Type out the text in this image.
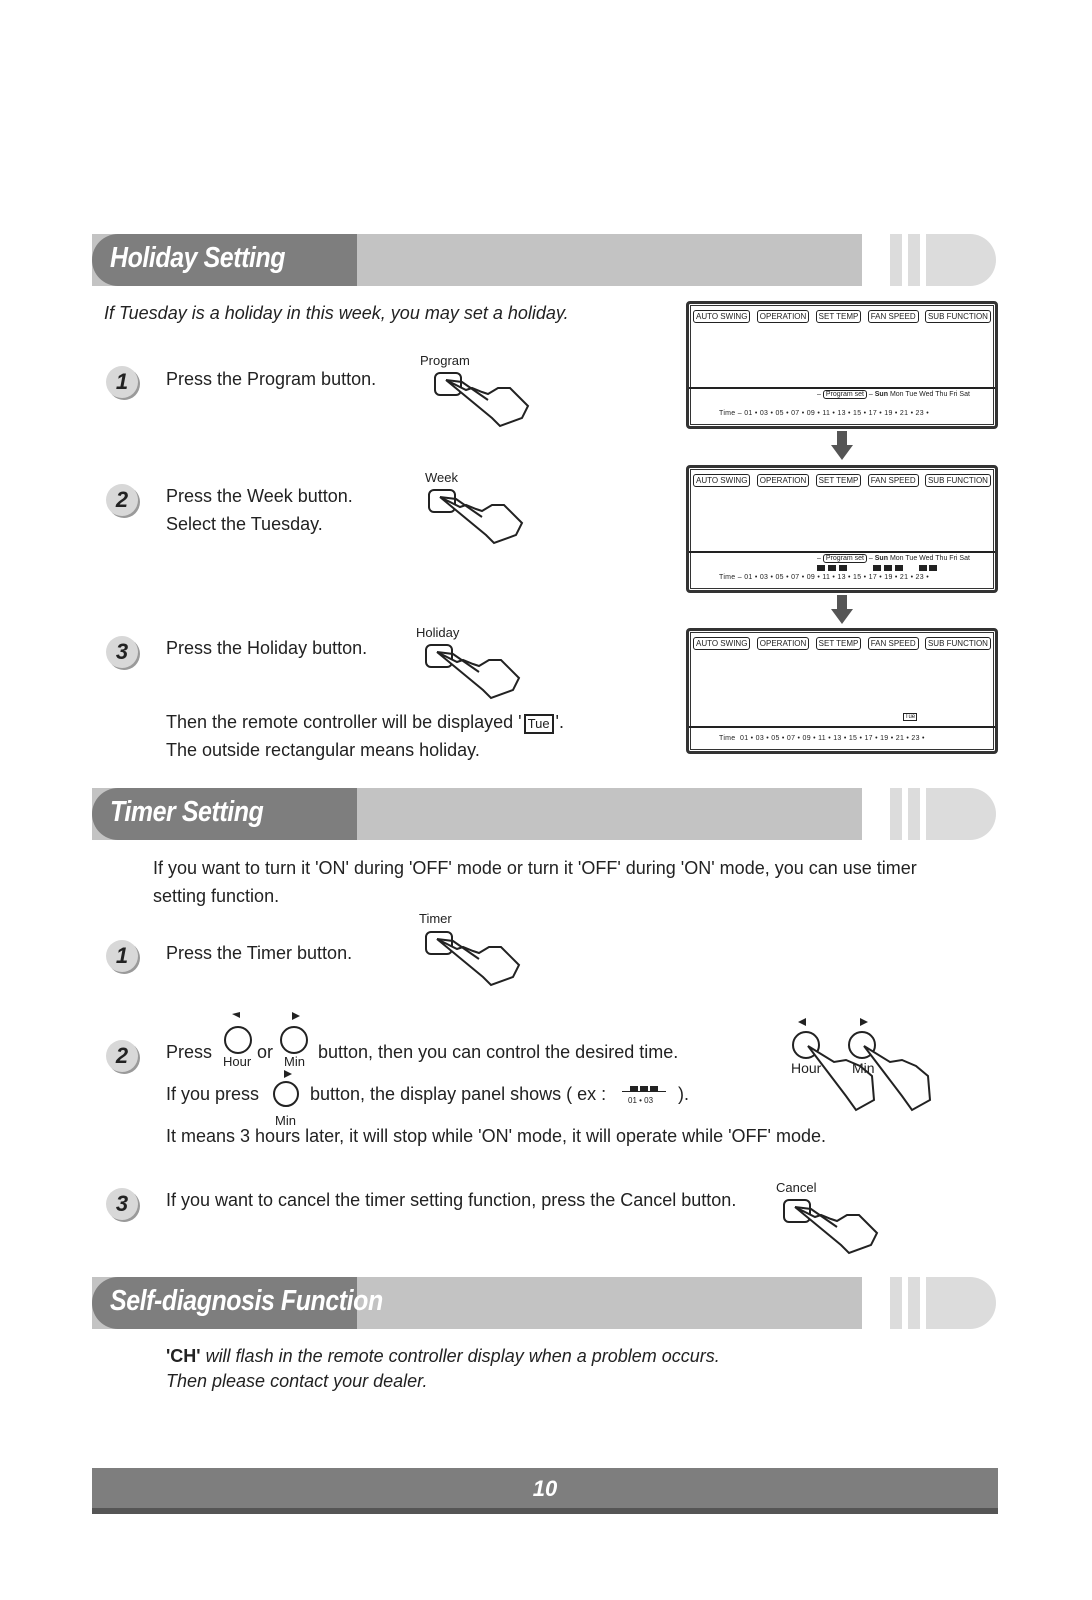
Holiday Setting
If Tuesday is a holiday in this week, you may set a holiday.
1	Press the Program button.
Program
2	Press the Week button.
Select the Tuesday.
Week
3	Press the Holiday button.
Holiday
Then the remote controller will be displayed ' Tue '.
The outside rectangular means holiday.
AUTO SWING	OPERATION	SET TEMP	FAN SPEED	SUB FUNCTION
– Program set – Sun Mon Tue Wed Thu Fri Sat
Time – 01 • 03 • 05 • 07 • 09 • 11 • 13 • 15 • 17 • 19 • 21 • 23 •
AUTO SWING	OPERATION	SET TEMP	FAN SPEED	SUB FUNCTION
– Program set – Sun Mon Tue Wed Thu Fri Sat
Time – 01 • 03 • 05 • 07 • 09 • 11 • 13 • 15 • 17 • 19 • 21 • 23 •
AUTO SWING	OPERATION	SET TEMP	FAN SPEED	SUB FUNCTION
Tue
Time 01 • 03 • 05 • 07 • 09 • 11 • 13 • 15 • 17 • 19 • 21 • 23 •
Timer Setting
If you want to turn it 'ON' during 'OFF' mode or turn it 'OFF' during 'ON' mode, you can use timer
setting function.
1	Press the Timer button.
Timer
2	Press Hour or Min button, then you can control the desired time.
If you press
Min
button, the display panel shows ( ex :	01 • 03 ).
It means 3 hours later, it will stop while 'ON' mode, it will operate while 'OFF' mode.
Hour Min
3	If you want to cancel the timer setting function, press the Cancel button.
Cancel
Self-diagnosis Function
'CH' will flash in the remote controller display when a problem occurs.
Then please contact your dealer.
10
